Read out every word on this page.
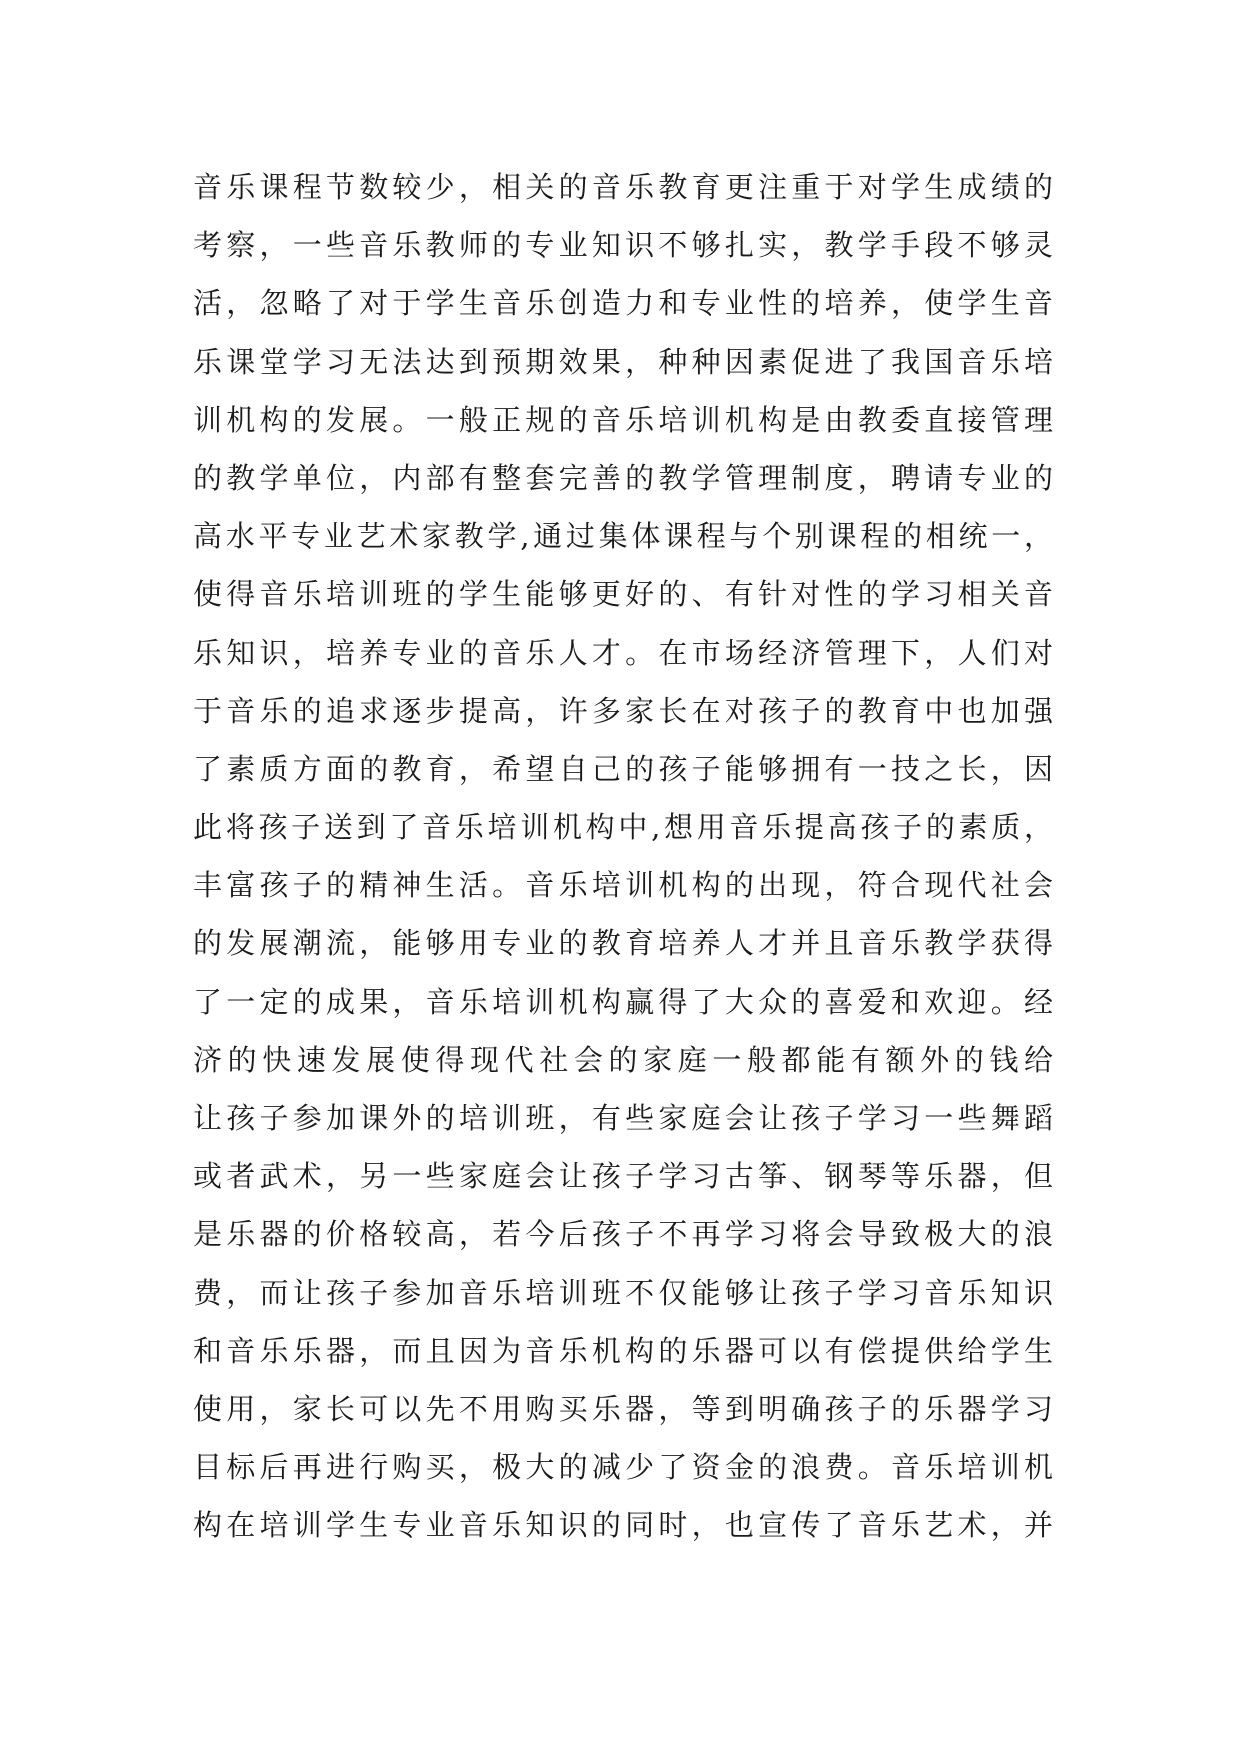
音乐课程节数较少，相关的音乐教育更注重于对学生成绩的
考察，一些音乐教师的专业知识不够扎实，教学手段不够灵
活，忽略了对于学生音乐创造力和专业性的培养，使学生音
乐课堂学习无法达到预期效果，种种因素促进了我国音乐培
训机构的发展。一般正规的音乐培训机构是由教委直接管理
的教学单位，内部有整套完善的教学管理制度，聘请专业的
高水平专业艺术家教学,通过集体课程与个别课程的相统一，
使得音乐培训班的学生能够更好的、有针对性的学习相关音
乐知识，培养专业的音乐人才。在市场经济管理下，人们对
于音乐的追求逐步提高，许多家长在对孩子的教育中也加强
了素质方面的教育，希望自己的孩子能够拥有一技之长，因
此将孩子送到了音乐培训机构中,想用音乐提高孩子的素质，
丰富孩子的精神生活。音乐培训机构的出现，符合现代社会
的发展潮流，能够用专业的教育培养人才并且音乐教学获得
了一定的成果，音乐培训机构赢得了大众的喜爱和欢迎。经
济的快速发展使得现代社会的家庭一般都能有额外的钱给
让孩子参加课外的培训班，有些家庭会让孩子学习一些舞蹈
或者武术，另一些家庭会让孩子学习古筝、钢琴等乐器，但
是乐器的价格较高，若今后孩子不再学习将会导致极大的浪
费，而让孩子参加音乐培训班不仅能够让孩子学习音乐知识
和音乐乐器，而且因为音乐机构的乐器可以有偿提供给学生
使用，家长可以先不用购买乐器，等到明确孩子的乐器学习
目标后再进行购买，极大的减少了资金的浪费。音乐培训机
构在培训学生专业音乐知识的同时，也宣传了音乐艺术，并
